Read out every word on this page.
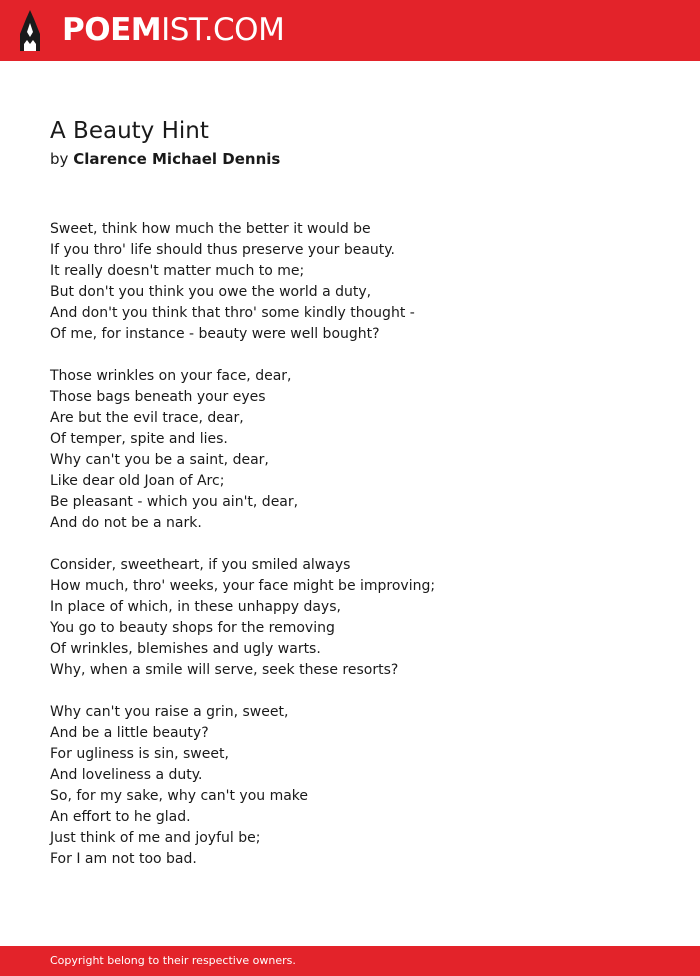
POEMIST.COM
A Beauty Hint
by Clarence Michael Dennis
Sweet, think how much the better it would be
If you thro' life should thus preserve your beauty.
It really doesn't matter much to me;
But don't you think you owe the world a duty,
And don't you think that thro' some kindly thought -
Of me, for instance - beauty were well bought?
Those wrinkles on your face, dear,
Those bags beneath your eyes
Are but the evil trace, dear,
Of temper, spite and lies.
Why can't you be a saint, dear,
Like dear old Joan of Arc;
Be pleasant - which you ain't, dear,
And do not be a nark.
Consider, sweetheart, if you smiled always
How much, thro' weeks, your face might be improving;
In place of which, in these unhappy days,
You go to beauty shops for the removing
Of wrinkles, blemishes and ugly warts.
Why, when a smile will serve, seek these resorts?
Why can't you raise a grin, sweet,
And be a little beauty?
For ugliness is sin, sweet,
And loveliness a duty.
So, for my sake, why can't you make
An effort to he glad.
Just think of me and joyful be;
For I am not too bad.
Copyright belong to their respective owners.
